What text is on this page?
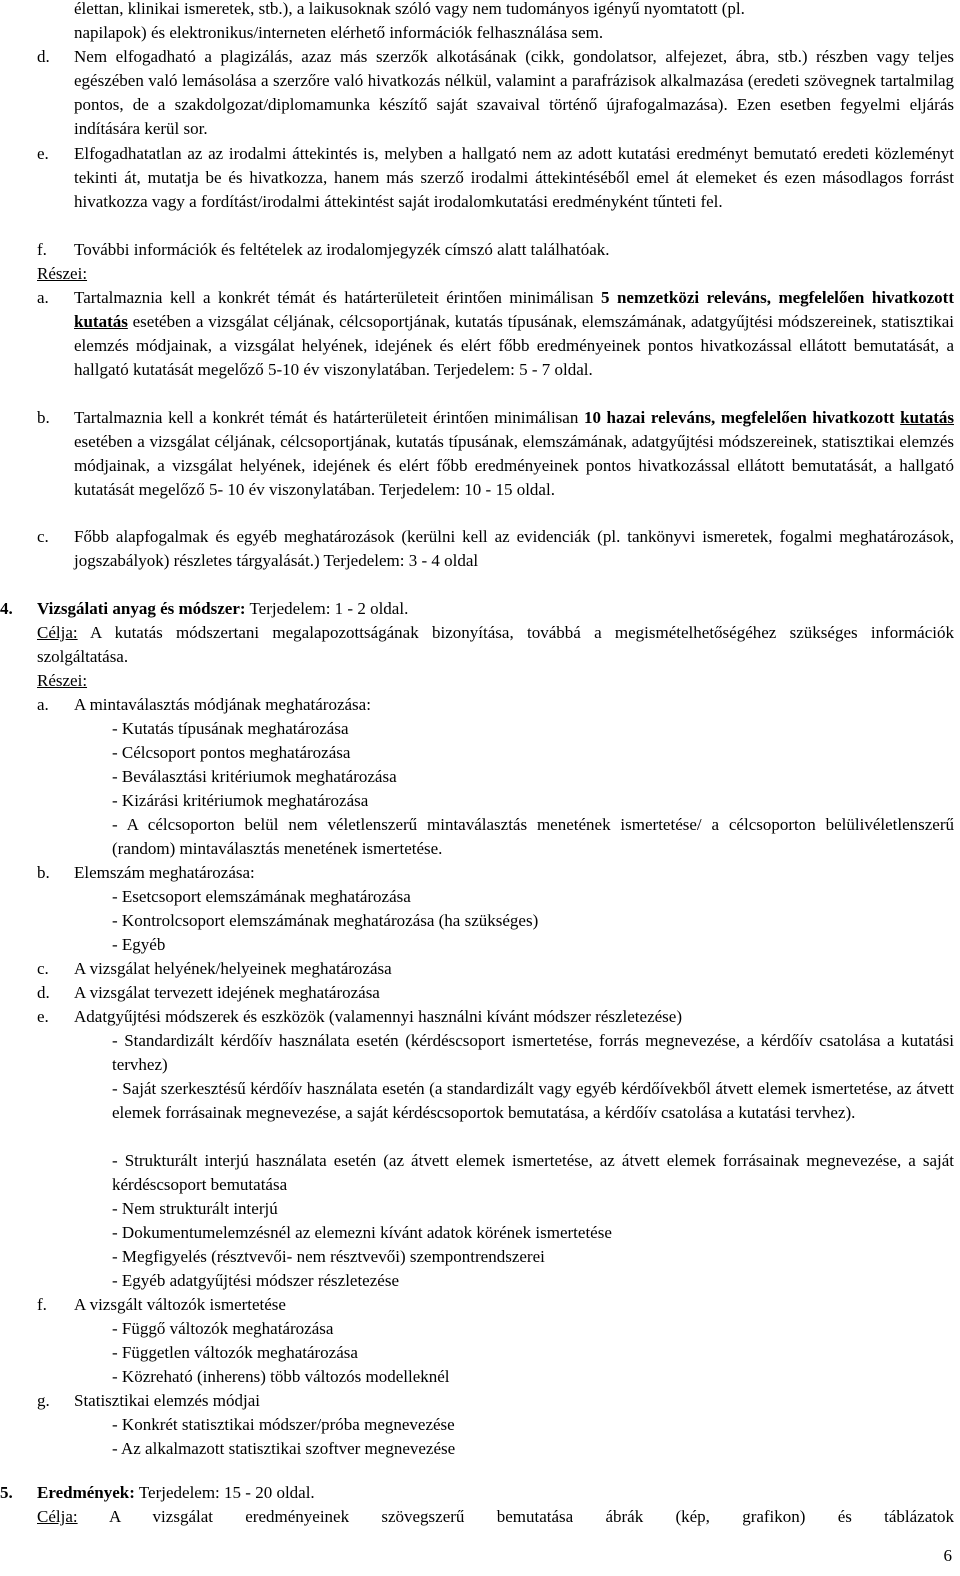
élettan, klinikai ismeretek, stb.), a laikusoknak szóló vagy nem tudományos igényű nyomtatott (pl.
napilapok) és elektronikus/interneten elérhető információk felhasználása sem.
d. Nem elfogadható a plagizálás, azaz más szerzők alkotásának (cikk, gondolatsor, alfejezet, ábra, stb.) részben vagy teljes egészében való lemásolása a szerzőre való hivatkozás nélkül, valamint a parafrázisok alkalmazása (eredeti szövegnek tartalmilag pontos, de a szakdolgozat/diplomamunka készítő saját szavaival történő újrafogalmazása). Ezen esetben fegyelmi eljárás indítására kerül sor.
e. Elfogadhatatlan az az irodalmi áttekintés is, melyben a hallgató nem az adott kutatási eredményt bemutató eredeti közleményt tekinti át, mutatja be és hivatkozza, hanem más szerző irodalmi áttekintéséből emel át elemeket és ezen másodlagos forrást hivatkozza vagy a fordítást/irodalmi áttekintést saját irodalomkutatási eredményként tűnteti fel.
f. További információk és feltételek az irodalomjegyzék címszó alatt találhatóak.
Részei:
a. Tartalmaznia kell a konkrét témát és határterületeit érintően minimálisan 5 nemzetközi releváns, megfelelően hivatkozott kutatás esetében a vizsgálat céljának, célcsoportjának, kutatás típusának, elemszámának, adatgyűjtési módszereinek, statisztikai elemzés módjainak, a vizsgálat helyének, idejének és elért főbb eredményeinek pontos hivatkozással ellátott bemutatását, a hallgató kutatását megelőző 5-10 év viszonylatában. Terjedelem: 5 - 7 oldal.
b. Tartalmaznia kell a konkrét témát és határterületeit érintően minimálisan 10 hazai releváns, megfelelően hivatkozott kutatás esetében a vizsgálat céljának, célcsoportjának, kutatás típusának, elemszámának, adatgyűjtési módszereinek, statisztikai elemzés módjainak, a vizsgálat helyének, idejének és elért főbb eredményeinek pontos hivatkozással ellátott bemutatását, a hallgató kutatását megelőző 5- 10 év viszonylatában. Terjedelem: 10 - 15 oldal.
c. Főbb alapfogalmak és egyéb meghatározások (kerülni kell az evidenciák (pl. tankönyvi ismeretek, fogalmi meghatározások, jogszabályok) részletes tárgyalását.) Terjedelem: 3 - 4 oldal
4. Vizsgálati anyag és módszer: Terjedelem: 1 - 2 oldal.
Célja: A kutatás módszertani megalapozottságának bizonyítása, továbbá a megismételhetőségéhez szükséges információk szolgáltatása.
Részei:
a. A mintaválasztás módjának meghatározása:
- Kutatás típusának meghatározása
- Célcsoport pontos meghatározása
- Beválasztási kritériumok meghatározása
- Kizárási kritériumok meghatározása
- A célcsoporton belül nem véletlenszerű mintaválasztás menetének ismertetése/ a célcsoporton belülivéletlenszerű (random) mintaválasztás menetének ismertetése.
b. Elemszám meghatározása:
- Esetcsoport elemszámának meghatározása
- Kontrolcsoport elemszámának meghatározása (ha szükséges)
- Egyéb
c. A vizsgálat helyének/helyeinek meghatározása
d. A vizsgálat tervezett idejének meghatározása
e. Adatgyűjtési módszerek és eszközök (valamennyi használni kívánt módszer részletezése)
- Standardizált kérdőív használata esetén (kérdéscsoport ismertetése, forrás megnevezése, a kérdőív csatolása a kutatási tervhez)
- Saját szerkesztésű kérdőív használata esetén (a standardizált vagy egyéb kérdőívekből átvett elemek ismertetése, az átvett elemek forrásainak megnevezése, a saját kérdéscsoportok bemutatása, a kérdőív csatolása a kutatási tervhez).
- Strukturált interjú használata esetén (az átvett elemek ismertetése, az átvett elemek forrásainak megnevezése, a saját kérdéscsoport bemutatása
- Nem strukturált interjú
- Dokumentumelemzésnél az elemezni kívánt adatok körének ismertetése
- Megfigyelés (résztvevői- nem résztvevői) szempontrendszerei
- Egyéb adatgyűjtési módszer részletezése
f. A vizsgált változók ismertetése
- Függő változók meghatározása
- Független változók meghatározása
- Közreható (inherens) több változós modelleknél
g. Statisztikai elemzés módjai
- Konkrét statisztikai módszer/próba megnevezése
- Az alkalmazott statisztikai szoftver megnevezése
5. Eredmények: Terjedelem: 15 - 20 oldal.
Célja: A vizsgálat eredményeinek szövegszerű bemutatása ábrák (kép, grafikon) és táblázatok
6
